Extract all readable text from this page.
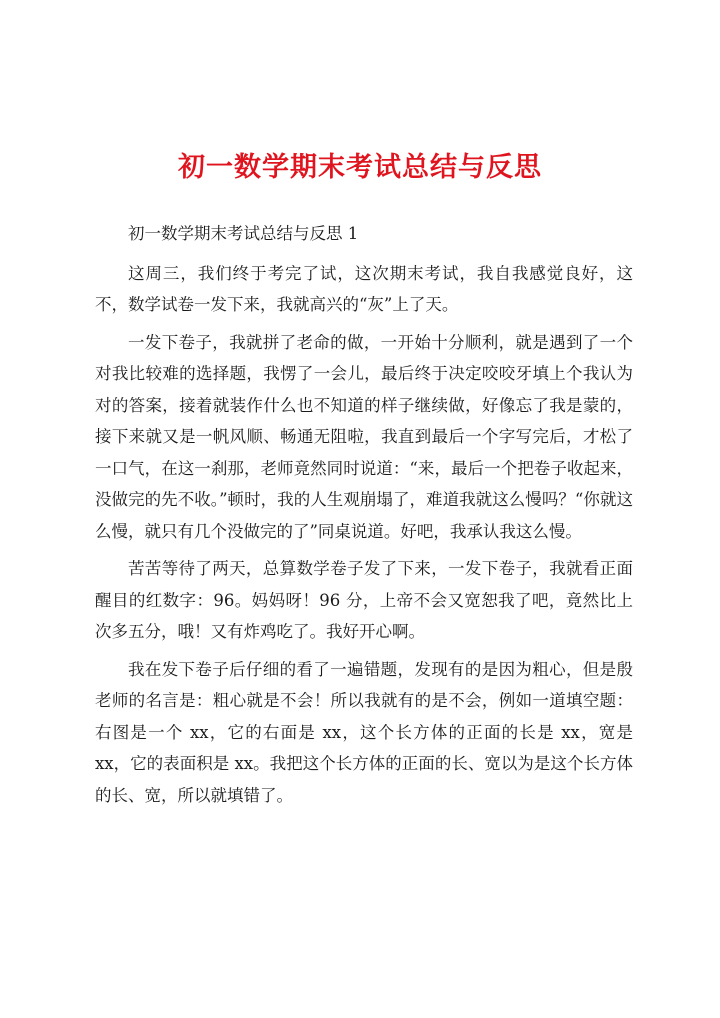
初一数学期末考试总结与反思

初一数学期末考试总结与反思 1

这周三，我们终于考完了试，这次期末考试，我自我感觉良好，这不，数学试卷一发下来，我就高兴的“灰”上了天。

一发下卷子，我就拼了老命的做，一开始十分顺利，就是遇到了一个对我比较难的选择题，我愣了一会儿，最后终于决定咬咬牙填上个我认为对的答案，接着就装作什么也不知道的样子继续做，好像忘了我是蒙的，接下来就又是一帆风顺、畅通无阻啦，我直到最后一个字写完后，才松了一口气，在这一刹那，老师竟然同时说道：“来，最后一个把卷子收起来，没做完的先不收。”顿时，我的人生观崩塌了，难道我就这么慢吗？“你就这么慢，就只有几个没做完的了”同桌说道。好吧，我承认我这么慢。

苦苦等待了两天，总算数学卷子发了下来，一发下卷子，我就看正面醒目的红数字：96。妈妈呀！96 分，上帝不会又宽恕我了吧，竟然比上次多五分，哦！又有炸鸡吃了。我好开心啊。

我在发下卷子后仔细的看了一遍错题，发现有的是因为粗心，但是殷老师的名言是：粗心就是不会！所以我就有的是不会，例如一道填空题：右图是一个 xx，它的右面是 xx，这个长方体的正面的长是 xx，宽是 xx，它的表面积是 xx。我把这个长方体的正面的长、宽以为是这个长方体的长、宽，所以就填错了。
